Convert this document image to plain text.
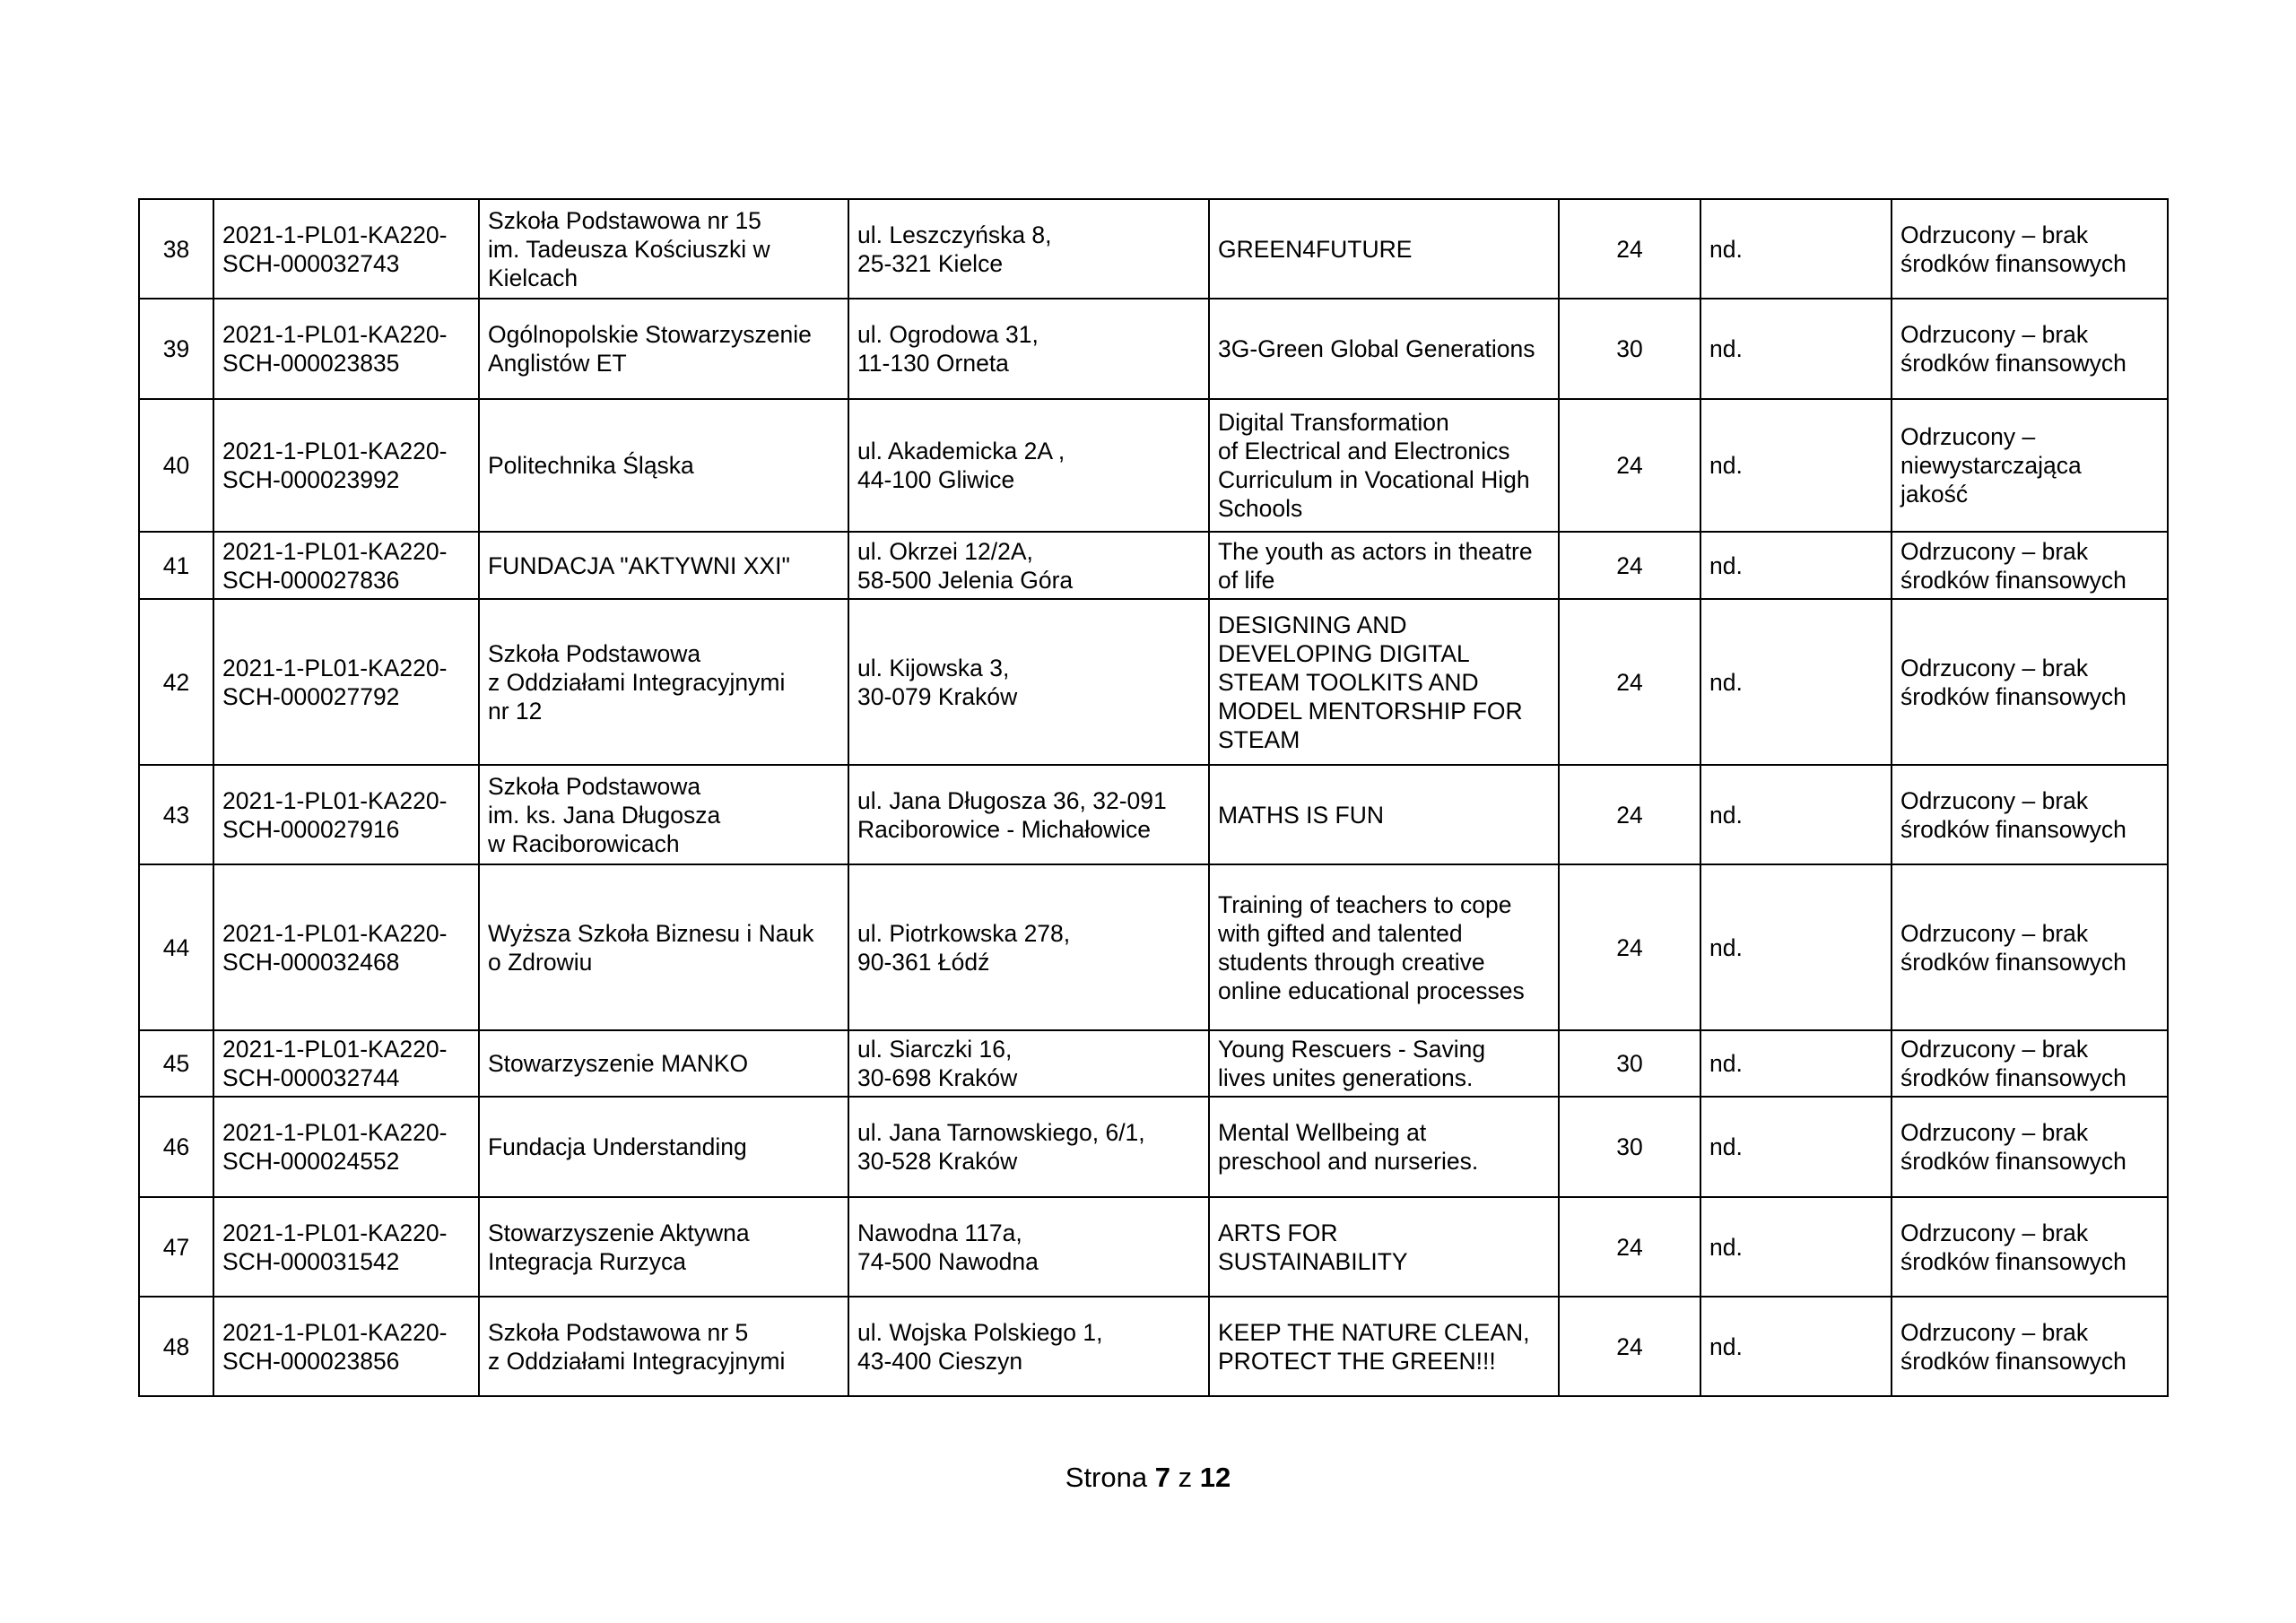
38	2021-1-PL01-KA220-
SCH-000032743	Szkoła Podstawowa nr 15
im. Tadeusza Kościuszki w
Kielcach	ul. Leszczyńska 8,
25-321 Kielce	GREEN4FUTURE	24	nd.	Odrzucony – brak
środków finansowych

39	2021-1-PL01-KA220-
SCH-000023835	Ogólnopolskie Stowarzyszenie
Anglistów ET	ul. Ogrodowa 31,
11-130 Orneta	3G-Green Global Generations	30	nd.	Odrzucony – brak
środków finansowych

40	2021-1-PL01-KA220-
SCH-000023992	Politechnika Śląska	ul. Akademicka 2A ,
44-100 Gliwice	Digital Transformation
of Electrical and Electronics
Curriculum in Vocational High
Schools	24	nd.	Odrzucony –
niewystarczająca
jakość

41	2021-1-PL01-KA220-
SCH-000027836	FUNDACJA "AKTYWNI XXI"	ul. Okrzei 12/2A,
58-500 Jelenia Góra	The youth as actors in theatre
of life	24	nd.	Odrzucony – brak
środków finansowych

42	2021-1-PL01-KA220-
SCH-000027792	Szkoła Podstawowa
z Oddziałami Integracyjnymi
nr 12	ul. Kijowska 3,
30-079 Kraków	DESIGNING AND
DEVELOPING DIGITAL
STEAM TOOLKITS AND
MODEL MENTORSHIP FOR
STEAM	24	nd.	Odrzucony – brak
środków finansowych

43	2021-1-PL01-KA220-
SCH-000027916	Szkoła Podstawowa
im. ks. Jana Długosza
w Raciborowicach	ul. Jana Długosza 36, 32-091
Raciborowice - Michałowice	MATHS IS FUN	24	nd.	Odrzucony – brak
środków finansowych

44	2021-1-PL01-KA220-
SCH-000032468	Wyższa Szkoła Biznesu i Nauk
o Zdrowiu	ul. Piotrkowska 278,
90-361 Łódź	Training of teachers to cope
with gifted and talented
students through creative
online educational processes	24	nd.	Odrzucony – brak
środków finansowych

45	2021-1-PL01-KA220-
SCH-000032744	Stowarzyszenie MANKO	ul. Siarczki 16,
30-698 Kraków	Young Rescuers - Saving
lives unites generations.	30	nd.	Odrzucony – brak
środków finansowych

46	2021-1-PL01-KA220-
SCH-000024552	Fundacja Understanding	ul. Jana Tarnowskiego, 6/1,
30-528 Kraków	Mental Wellbeing at
preschool and nurseries.	30	nd.	Odrzucony – brak
środków finansowych

47	2021-1-PL01-KA220-
SCH-000031542	Stowarzyszenie Aktywna
Integracja Rurzyca	Nawodna 117a,
74-500 Nawodna	ARTS FOR
SUSTAINABILITY	24	nd.	Odrzucony – brak
środków finansowych

48	2021-1-PL01-KA220-
SCH-000023856	Szkoła Podstawowa nr 5
z Oddziałami Integracyjnymi	ul. Wojska Polskiego 1,
43-400 Cieszyn	KEEP THE NATURE CLEAN,
PROTECT THE GREEN!!!	24	nd.	Odrzucony – brak
środków finansowych
Strona 7 z 12
